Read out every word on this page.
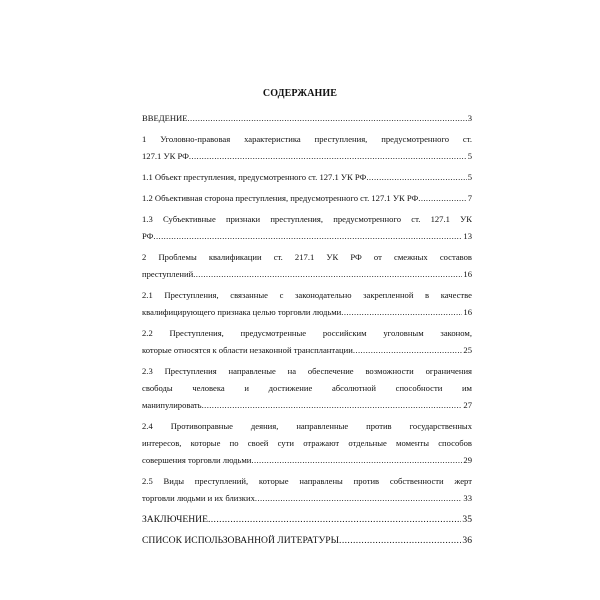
СОДЕРЖАНИЕ
ВВЕДЕНИЕ .....	3
1 Уголовно-правовая характеристика преступления, предусмотренного ст.
127.1 УК РФ .....	5
1.1 Объект преступления, предусмотренного ст. 127.1 УК РФ .....	5
1.2 Объективная сторона преступления, предусмотренного ст. 127.1 УК РФ .....	7
1.3 Субъективные признаки преступления, предусмотренного ст. 127.1 УК
РФ .....	13
2 Проблемы квалификации ст. 217.1 УК РФ от смежных составов
преступлений .....	16
2.1 Преступления, связанные с законодательно закрепленной в качестве
квалифицирующего признака целью торговли людьми .....	16
2.2 Преступления, предусмотренные российским уголовным законом,
которые относятся к области незаконной трансплантации .....	25
2.3 Преступления направленые на обеспечение возможности ограничения
свободы человека и достижение абсолютной способности им
манипулировать .....	27
2.4 Противоправные деяния, направленные против государственных
интересов, которые по своей сути отражают отдельные моменты способов
совершения торговли людьми .....	29
2.5 Виды преступлений, которые направлены против собственности жерт
торговли людьми и их близких .....	33
ЗАКЛЮЧЕНИЕ .....	35
СПИСОК ИСПОЛЬЗОВАННОЙ ЛИТЕРАТУРЫ .....	36
